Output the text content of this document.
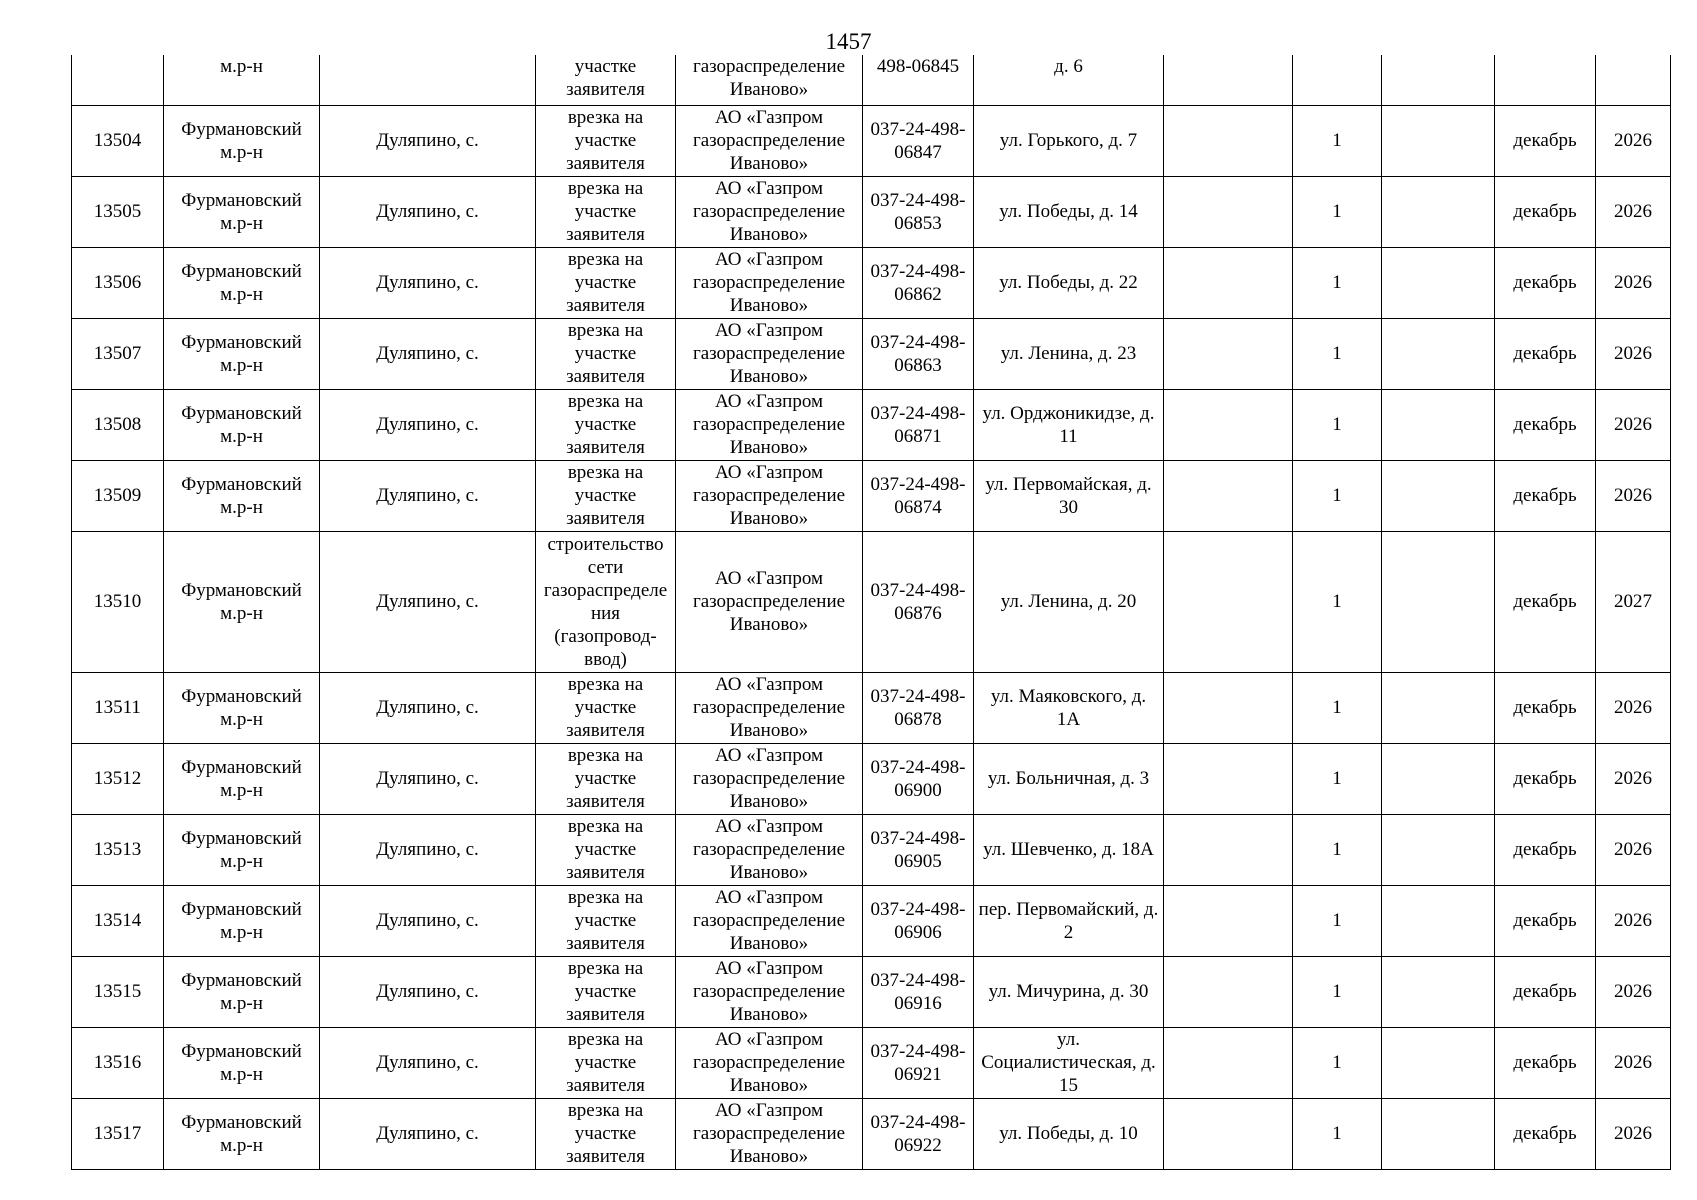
1457
	м.р-н		участке заявителя	газораспределение Иваново»	498-06845	д. 6					
13504	Фурмановский м.р-н	Дуляпино, с.	врезка на участке заявителя	АО «Газпром газораспределение Иваново»	037-24-498-06847	ул. Горького, д. 7		1		декабрь	2026
13505	Фурмановский м.р-н	Дуляпино, с.	врезка на участке заявителя	АО «Газпром газораспределение Иваново»	037-24-498-06853	ул. Победы, д. 14		1		декабрь	2026
13506	Фурмановский м.р-н	Дуляпино, с.	врезка на участке заявителя	АО «Газпром газораспределение Иваново»	037-24-498-06862	ул. Победы, д. 22		1		декабрь	2026
13507	Фурмановский м.р-н	Дуляпино, с.	врезка на участке заявителя	АО «Газпром газораспределение Иваново»	037-24-498-06863	ул. Ленина, д. 23		1		декабрь	2026
13508	Фурмановский м.р-н	Дуляпино, с.	врезка на участке заявителя	АО «Газпром газораспределение Иваново»	037-24-498-06871	ул. Орджоникидзе, д. 11		1		декабрь	2026
13509	Фурмановский м.р-н	Дуляпино, с.	врезка на участке заявителя	АО «Газпром газораспределение Иваново»	037-24-498-06874	ул. Первомайская, д. 30		1		декабрь	2026
13510	Фурмановский м.р-н	Дуляпино, с.	строительство сети газораспределения (газопровод-ввод)	АО «Газпром газораспределение Иваново»	037-24-498-06876	ул. Ленина, д. 20		1		декабрь	2027
13511	Фурмановский м.р-н	Дуляпино, с.	врезка на участке заявителя	АО «Газпром газораспределение Иваново»	037-24-498-06878	ул. Маяковского, д. 1А		1		декабрь	2026
13512	Фурмановский м.р-н	Дуляпино, с.	врезка на участке заявителя	АО «Газпром газораспределение Иваново»	037-24-498-06900	ул. Больничная, д. 3		1		декабрь	2026
13513	Фурмановский м.р-н	Дуляпино, с.	врезка на участке заявителя	АО «Газпром газораспределение Иваново»	037-24-498-06905	ул. Шевченко, д. 18А		1		декабрь	2026
13514	Фурмановский м.р-н	Дуляпино, с.	врезка на участке заявителя	АО «Газпром газораспределение Иваново»	037-24-498-06906	пер. Первомайский, д. 2		1		декабрь	2026
13515	Фурмановский м.р-н	Дуляпино, с.	врезка на участке заявителя	АО «Газпром газораспределение Иваново»	037-24-498-06916	ул. Мичурина, д. 30		1		декабрь	2026
13516	Фурмановский м.р-н	Дуляпино, с.	врезка на участке заявителя	АО «Газпром газораспределение Иваново»	037-24-498-06921	ул. Социалистическая, д. 15		1		декабрь	2026
13517	Фурмановский м.р-н	Дуляпино, с.	врезка на участке заявителя	АО «Газпром газораспределение Иваново»	037-24-498-06922	ул. Победы, д. 10		1		декабрь	2026
